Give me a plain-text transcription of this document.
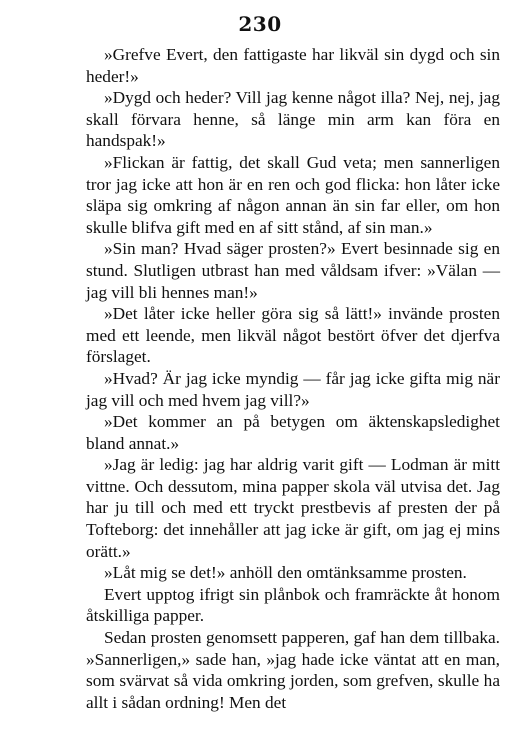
230

»Grefve Evert, den fattigaste har likväl sin dygd och sin heder!»

»Dygd och heder? Vill jag kenne något illa? Nej, nej, jag skall förvara henne, så länge min arm kan föra en handspak!»

»Flickan är fattig, det skall Gud veta; men sannerligen tror jag icke att hon är en ren och god flicka: hon låter icke släpa sig omkring af någon annan än sin far eller, om hon skulle blifva gift med en af sitt stånd, af sin man.»

»Sin man? Hvad säger prosten?» Evert besinnade sig en stund. Slutligen utbrast han med våldsam ifver: »Välan — jag vill bli hennes man!»

»Det låter icke heller göra sig så lätt!» invände prosten med ett leende, men likväl något bestört öfver det djerfva förslaget.

»Hvad? Är jag icke myndig — får jag icke gifta mig när jag vill och med hvem jag vill?»

»Det kommer an på betygen om äktenskapsledighet bland annat.»

»Jag är ledig: jag har aldrig varit gift — Lodman är mitt vittne. Och dessutom, mina papper skola väl utvisa det. Jag har ju till och med ett tryckt prestbevis af presten der på Tofteborg: det innehåller att jag icke är gift, om jag ej mins orätt.»

»Låt mig se det!» anhöll den omtänksamme prosten.

Evert upptog ifrigt sin plånbok och framräckte åt honom åtskilliga papper.

Sedan prosten genomsett papperen, gaf han dem tillbaka. »Sannerligen,» sade han, »jag hade icke väntat att en man, som svärvat så vida omkring jorden, som grefven, skulle ha allt i sådan ordning! Men det
